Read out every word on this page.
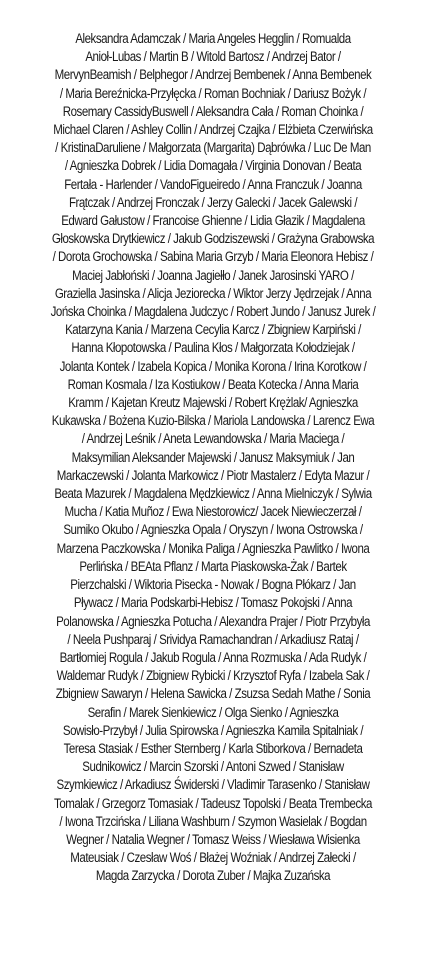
Aleksandra Adamczak / Maria Angeles Hegglin / Romualda
Anioł-Lubas / Martin B / Witold Bartosz / Andrzej Bator /
MervynBeamish / Belphegor / Andrzej Bembenek / Anna Bembenek
/ Maria Bereźnicka-Przyłęcka / Roman Bochniak / Dariusz Bożyk /
Rosemary CassidyBuswell / Aleksandra Cała / Roman Choinka /
Michael Claren / Ashley Collin / Andrzej Czajka / Elżbieta Czerwińska
/ KristinaDaruliene / Małgorzata (Margarita) Dąbrówka / Luc De Man
/ Agnieszka Dobrek / Lidia Domagała / Virginia Donovan / Beata
Fertała - Harlender / VandoFigueiredo / Anna Franczuk / Joanna
Frątczak / Andrzej Fronczak / Jerzy Galecki / Jacek Galewski /
Edward Gałustow / Francoise Ghienne / Lidia Głazik / Magdalena
Głoskowska Drytkiewicz / Jakub Godziszewski / Grażyna Grabowska
/ Dorota Grochowska / Sabina Maria Grzyb / Maria Eleonora Hebisz /
Maciej Jabłoński / Joanna Jagiełło / Janek Jarosinski YARO /
Graziella Jasinska / Alicja Jeziorecka / Wiktor Jerzy Jędrzejak / Anna
Jońska Choinka / Magdalena Judczyc / Robert Jundo / Janusz Jurek /
Katarzyna Kania / Marzena Cecylia Karcz / Zbigniew Karpiński /
Hanna Kłopotowska / Paulina Kłos / Małgorzata Kołodziejak /
Jolanta Kontek / Izabela Kopica / Monika Korona / Irina Korotkow /
Roman Kosmala / Iza Kostiukow / Beata Kotecka / Anna Maria
Kramm / Kajetan Kreutz Majewski / Robert Krężlak/ Agnieszka
Kukawska / Bożena Kuzio-Bilska / Mariola Landowska / Larencz Ewa
/ Andrzej Leśnik / Aneta Lewandowska / Maria Maciega /
Maksymilian Aleksander Majewski / Janusz Maksymiuk / Jan
Markaczewski / Jolanta Markowicz / Piotr Mastalerz / Edyta Mazur /
Beata Mazurek / Magdalena Mędzkiewicz / Anna Mielniczyk / Sylwia
Mucha / Katia Muñoz / Ewa Niestorowicz/ Jacek Niewieczerzał /
Sumiko Okubo / Agnieszka Opala / Oryszyn / Iwona Ostrowska /
Marzena Paczkowska / Monika Paliga / Agnieszka Pawlitko / Iwona
Perlińska / BEAta Pflanz / Marta Piaskowska-Żak / Bartek
Pierzchalski / Wiktoria Pisecka - Nowak / Bogna Płókarz / Jan
Pływacz / Maria Podskarbi-Hebisz / Tomasz Pokojski / Anna
Polanowska / Agnieszka Potucha / Alexandra Prajer / Piotr Przybyła
/ Neela Pushparaj / Srividya Ramachandran / Arkadiusz Rataj /
Bartłomiej Rogula / Jakub Rogula / Anna Rozmuska / Ada Rudyk /
Waldemar Rudyk / Zbigniew Rybicki / Krzysztof Ryfa / Izabela Sak /
Zbigniew Sawaryn / Helena Sawicka / Zsuzsa Sedah Mathe / Sonia
Serafin / Marek Sienkiewicz / Olga Sienko / Agnieszka
Sowisło-Przybył / Julia Spirowska / Agnieszka Kamila Spitalniak /
Teresa Stasiak / Esther Sternberg / Karla Stiborkova / Bernadeta
Sudnikowicz / Marcin Szorski / Antoni Szwed / Stanisław
Szymkiewicz / Arkadiusz Świderski / Vladimir Tarasenko / Stanisław
Tomalak / Grzegorz Tomasiak / Tadeusz Topolski / Beata Trembecka
/ Iwona Trzcińska / Liliana Washburn / Szymon Wasielak / Bogdan
Wegner / Natalia Wegner / Tomasz Weiss / Wiesława Wisienka
Mateusiak / Czesław Woś / Błażej Woźniak / Andrzej Załecki /
Magda Zarzycka / Dorota Zuber / Majka Zuzańska
